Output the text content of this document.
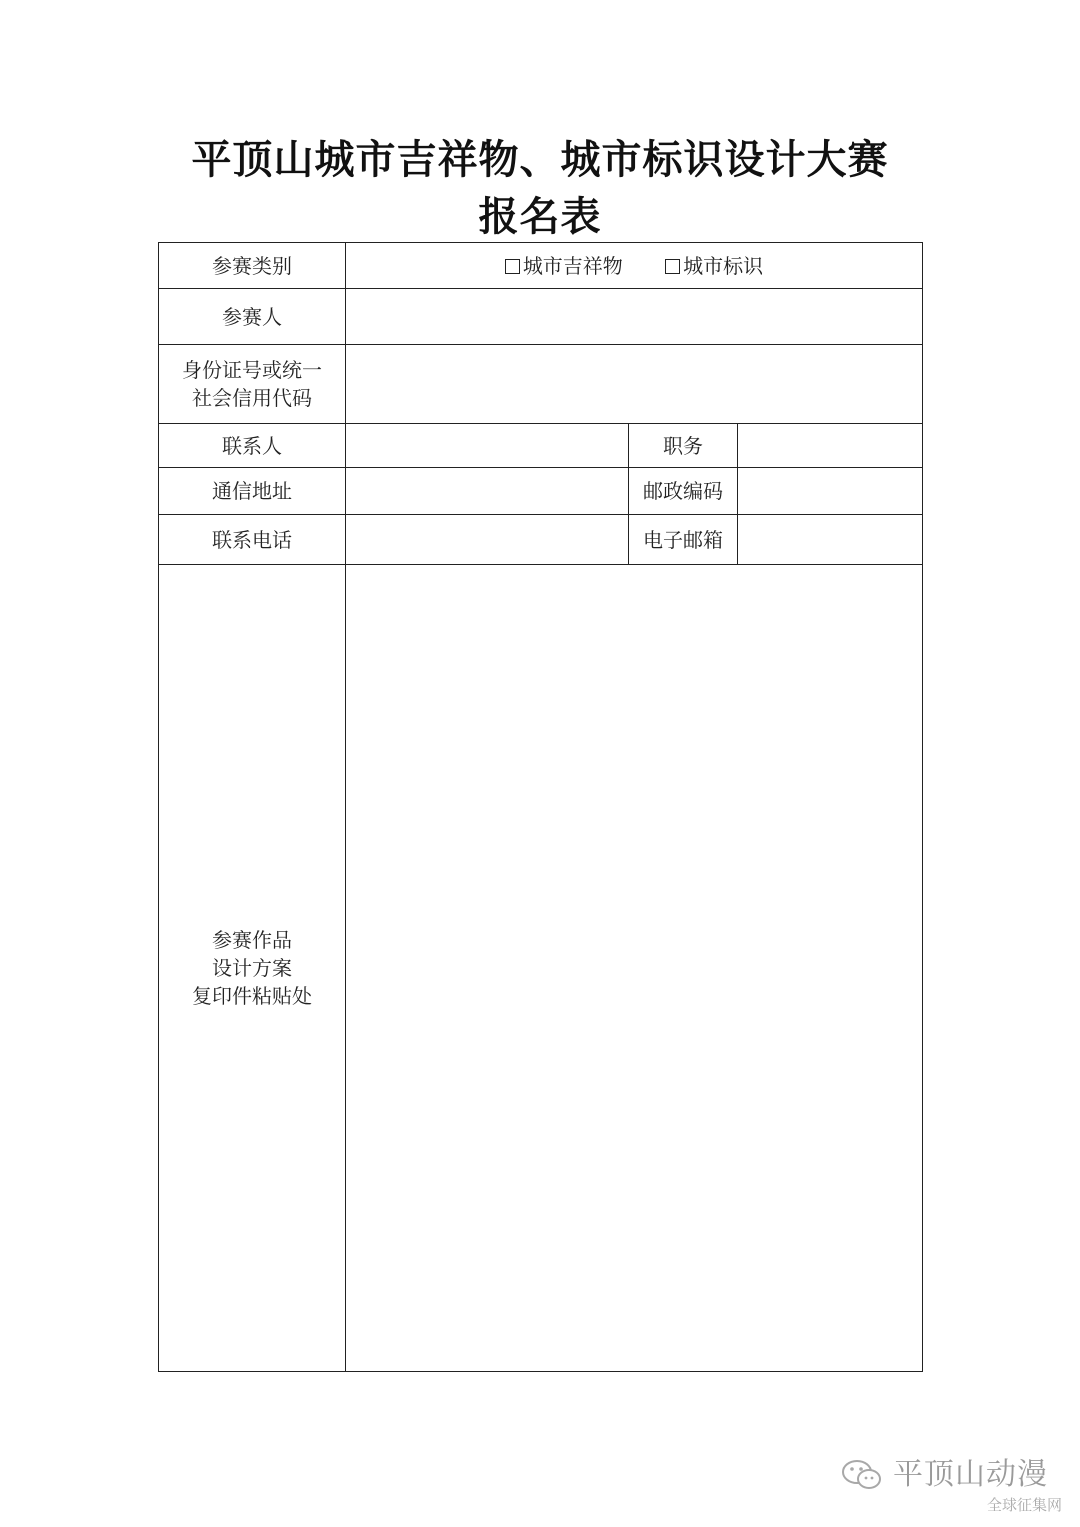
平顶山城市吉祥物、城市标识设计大赛
报名表
参赛类别	城市吉祥物 城市标识		
参赛人			

身份证号或统一
社会信用代码			

联系人		职务	
通信地址		邮政编码	
联系电话		电子邮箱	

参赛作品
设计方案
复印件粘贴处			

平顶山动漫
全球征集网
